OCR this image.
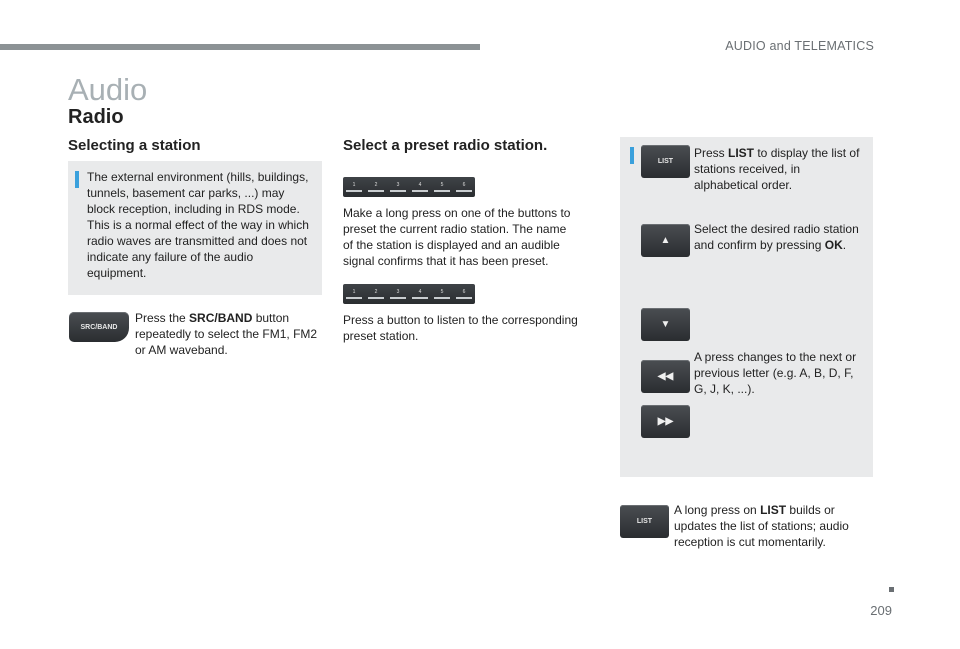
AUDIO and TELEMATICS
Audio
Radio
Selecting a station
The external environment (hills, buildings, tunnels, basement car parks, ...) may block reception, including in RDS mode. This is a normal effect of the way in which radio waves are transmitted and does not indicate any failure of the audio equipment.
SRC/BAND
Press the SRC/BAND button repeatedly to select the FM1, FM2 or AM waveband.
Select a preset radio station.
1	2	3	4	5	6
Make a long press on one of the buttons to preset the current radio station. The name of the station is displayed and an audible signal confirms that it has been preset.
1	2	3	4	5	6
Press a button to listen to the corresponding preset station.
LIST
Press LIST to display the list of stations received, in alphabetical order.
▲
Select the desired radio station and confirm by pressing OK.
▼
◀◀
A press changes to the next or previous letter (e.g. A, B, D, F, G, J, K, ...).
▶▶
LIST
A long press on LIST builds or updates the list of stations; audio reception is cut momentarily.
209
